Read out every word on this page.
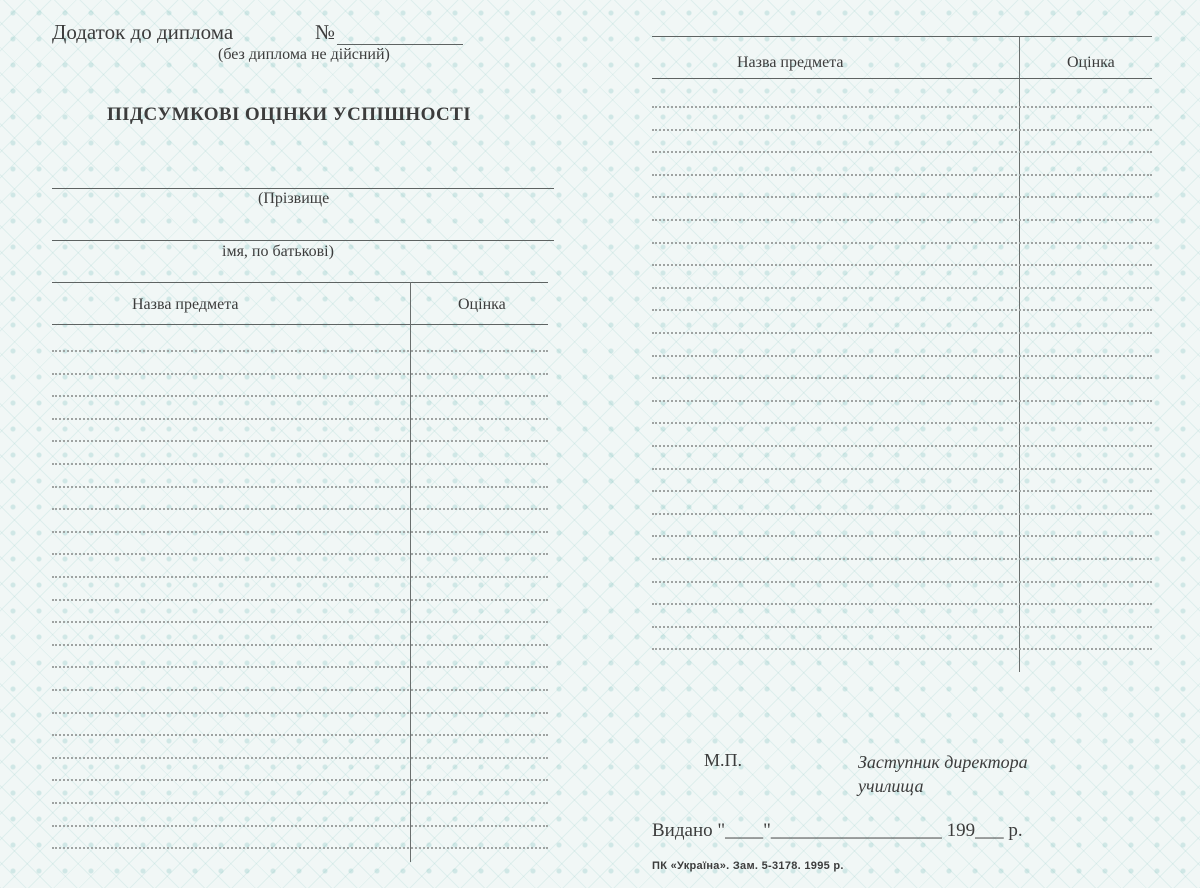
Додаток до диплома	№
(без диплома не дійсний)
ПІДСУМКОВІ ОЦІНКИ УСПІШНОСТІ
(Прізвище
імя, по батькові)
Назва предмета	Оцінка
Назва предмета	Оцінка
М.П.	Заступник директора
училища
Видано "____"__________________ 199___ р.
ПК «Україна». Зам. 5-3178. 1995 р.
